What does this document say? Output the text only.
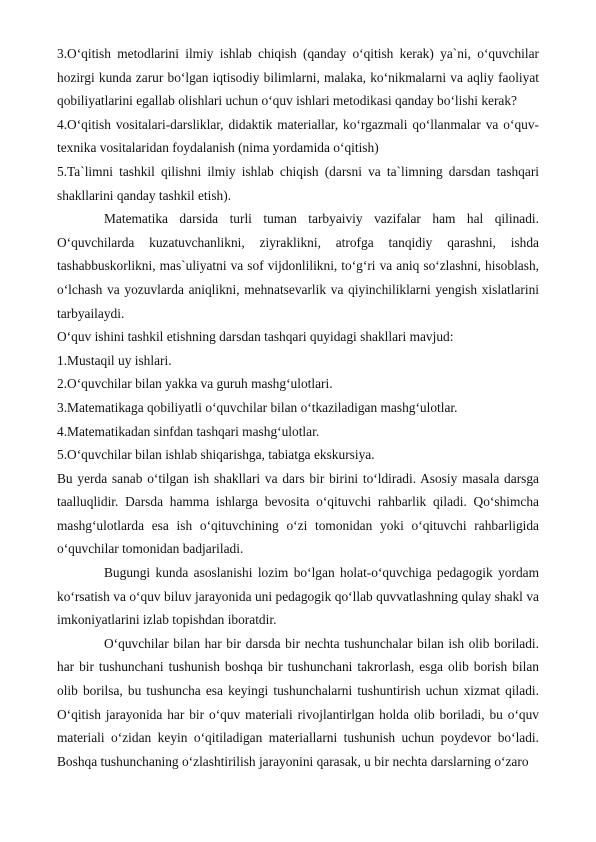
3.O‘qitish metodlarini ilmiy ishlab chiqish (qanday o‘qitish kerak) ya`ni, o‘quvchilar hozirgi kunda zarur bo‘lgan iqtisodiy bilimlarni, malaka, ko‘nikmalarni va aqliy faoliyat qobiliyatlarini egallab olishlari uchun o‘quv ishlari metodikasi qanday bo‘lishi kerak?

4.O‘qitish vositalari-darsliklar, didaktik materiallar, ko‘rgazmali qo‘llanmalar va o‘quv-texnika vositalaridan foydalanish (nima yordamida o‘qitish)

5.Ta`limni tashkil qilishni ilmiy ishlab chiqish (darsni va ta`limning darsdan tashqari shakllarini qanday tashkil etish).

Matematika darsida turli tuman tarbyaiviy vazifalar ham hal qilinadi. O‘quvchilarda kuzatuvchanlikni, ziyraklikni, atrofga tanqidiy qarashni, ishda tashabbuskorlikni, mas`uliyatni va sof vijdonlilikni, to‘g‘ri va aniq so‘zlashni, hisoblash, o‘lchash va yozuvlarda aniqlikni, mehnatsevarlik va qiyinchiliklarni yengish xislatlarini tarbyailaydi.

O‘quv ishini tashkil etishning darsdan tashqari quyidagi shakllari mavjud:

1.Mustaqil uy ishlari.

2.O‘quvchilar bilan yakka va guruh mashg‘ulotlari.

3.Matematikaga qobiliyatli o‘quvchilar bilan o‘tkaziladigan mashg‘ulotlar.

4.Matematikadan sinfdan tashqari mashg‘ulotlar.

5.O‘quvchilar bilan ishlab shiqarishga, tabiatga ekskursiya.

Bu yerda sanab o‘tilgan ish shakllari va dars bir birini to‘ldiradi. Asosiy masala darsga taalluqlidir. Darsda hamma ishlarga bevosita o‘qituvchi rahbarlik qiladi. Qo‘shimcha mashg‘ulotlarda esa ish o‘qituvchining o‘zi tomonidan yoki o‘qituvchi rahbarligida o‘quvchilar tomonidan badjariladi.

Bugungi kunda asoslanishi lozim bo‘lgan holat-o‘quvchiga pedagogik yordam ko‘rsatish va o‘quv biluv jarayonida uni pedagogik qo‘llab quvvatlashning qulay shakl va imkoniyatlarini izlab topishdan iboratdir.

O‘quvchilar bilan har bir darsda bir nechta tushunchalar bilan ish olib boriladi. har bir tushunchani tushunish boshqa bir tushunchani takrorlash, esga olib borish bilan olib borilsa, bu tushuncha esa keyingi tushunchalarni tushuntirish uchun xizmat qiladi. O‘qitish jarayonida har bir o‘quv materiali rivojlantirlgan holda olib boriladi, bu o‘quv materiali o‘zidan keyin o‘qitiladigan materiallarni tushunish uchun poydevor bo‘ladi. Boshqa tushunchaning o‘zlashtirilish jarayonini qarasak, u bir nechta darslarning o‘zaro
